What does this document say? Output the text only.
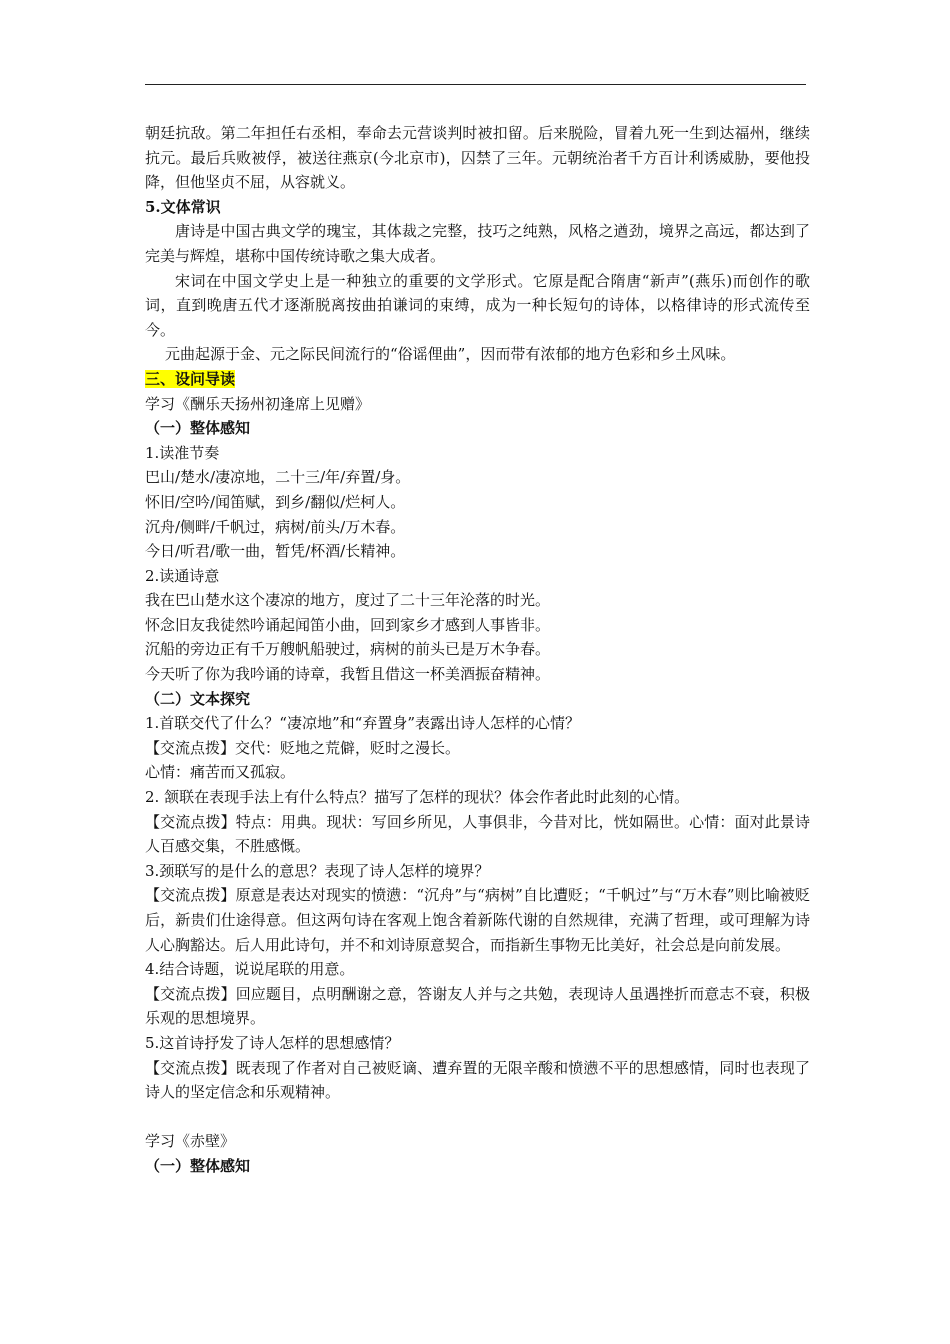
朝廷抗敌。第二年担任右丞相，奉命去元营谈判时被扣留。后来脱险，冒着九死一生到达福州，继续抗元。最后兵败被俘，被送往燕京(今北京市)，囚禁了三年。元朝统治者千方百计利诱威胁，要他投降，但他坚贞不屈，从容就义。

5.文体常识

唐诗是中国古典文学的瑰宝，其体裁之完整，技巧之纯熟，风格之遒劲，境界之高远，都达到了完美与辉煌，堪称中国传统诗歌之集大成者。

宋词在中国文学史上是一种独立的重要的文学形式。它原是配合隋唐“新声”(燕乐)而创作的歌词，直到晚唐五代才逐渐脱离按曲拍谦词的束缚，成为一种长短句的诗体，以格律诗的形式流传至今。

元曲起源于金、元之际民间流行的“俗谣俚曲”，因而带有浓郁的地方色彩和乡土风味。

三、设问导读

学习《酬乐天扬州初逢席上见赠》

（一）整体感知

1.读准节奏

巴山/楚水/凄凉地，二十三/年/弃置/身。

怀旧/空吟/闻笛赋，到乡/翻似/烂柯人。

沉舟/侧畔/千帆过，病树/前头/万木春。

今日/听君/歌一曲，暂凭/杯酒/长精神。

2.读通诗意

我在巴山楚水这个凄凉的地方，度过了二十三年沦落的时光。

怀念旧友我徒然吟诵起闻笛小曲，回到家乡才感到人事皆非。

沉船的旁边正有千万艘帆船驶过，病树的前头已是万木争春。

今天听了你为我吟诵的诗章，我暂且借这一杯美酒振奋精神。

（二）文本探究

1.首联交代了什么？“凄凉地”和“弃置身”表露出诗人怎样的心情？

【交流点拨】交代：贬地之荒僻，贬时之漫长。

心情：痛苦而又孤寂。

2. 颔联在表现手法上有什么特点？描写了怎样的现状？体会作者此时此刻的心情。

【交流点拨】特点：用典。现状：写回乡所见，人事俱非，今昔对比，恍如隔世。心情：面对此景诗人百感交集，不胜感慨。

3.颈联写的是什么的意思？表现了诗人怎样的境界？

【交流点拨】原意是表达对现实的愤懑：“沉舟”与“病树”自比遭贬；“千帆过”与“万木春”则比喻被贬后，新贵们仕途得意。但这两句诗在客观上饱含着新陈代谢的自然规律，充满了哲理，或可理解为诗人心胸豁达。后人用此诗句，并不和刘诗原意契合，而指新生事物无比美好，社会总是向前发展。

4.结合诗题，说说尾联的用意。

【交流点拨】回应题目，点明酬谢之意，答谢友人并与之共勉，表现诗人虽遇挫折而意志不衰，积极乐观的思想境界。

5.这首诗抒发了诗人怎样的思想感情？

【交流点拨】既表现了作者对自己被贬谪、遭弃置的无限辛酸和愤懑不平的思想感情，同时也表现了诗人的坚定信念和乐观精神。

学习《赤壁》

（一）整体感知
